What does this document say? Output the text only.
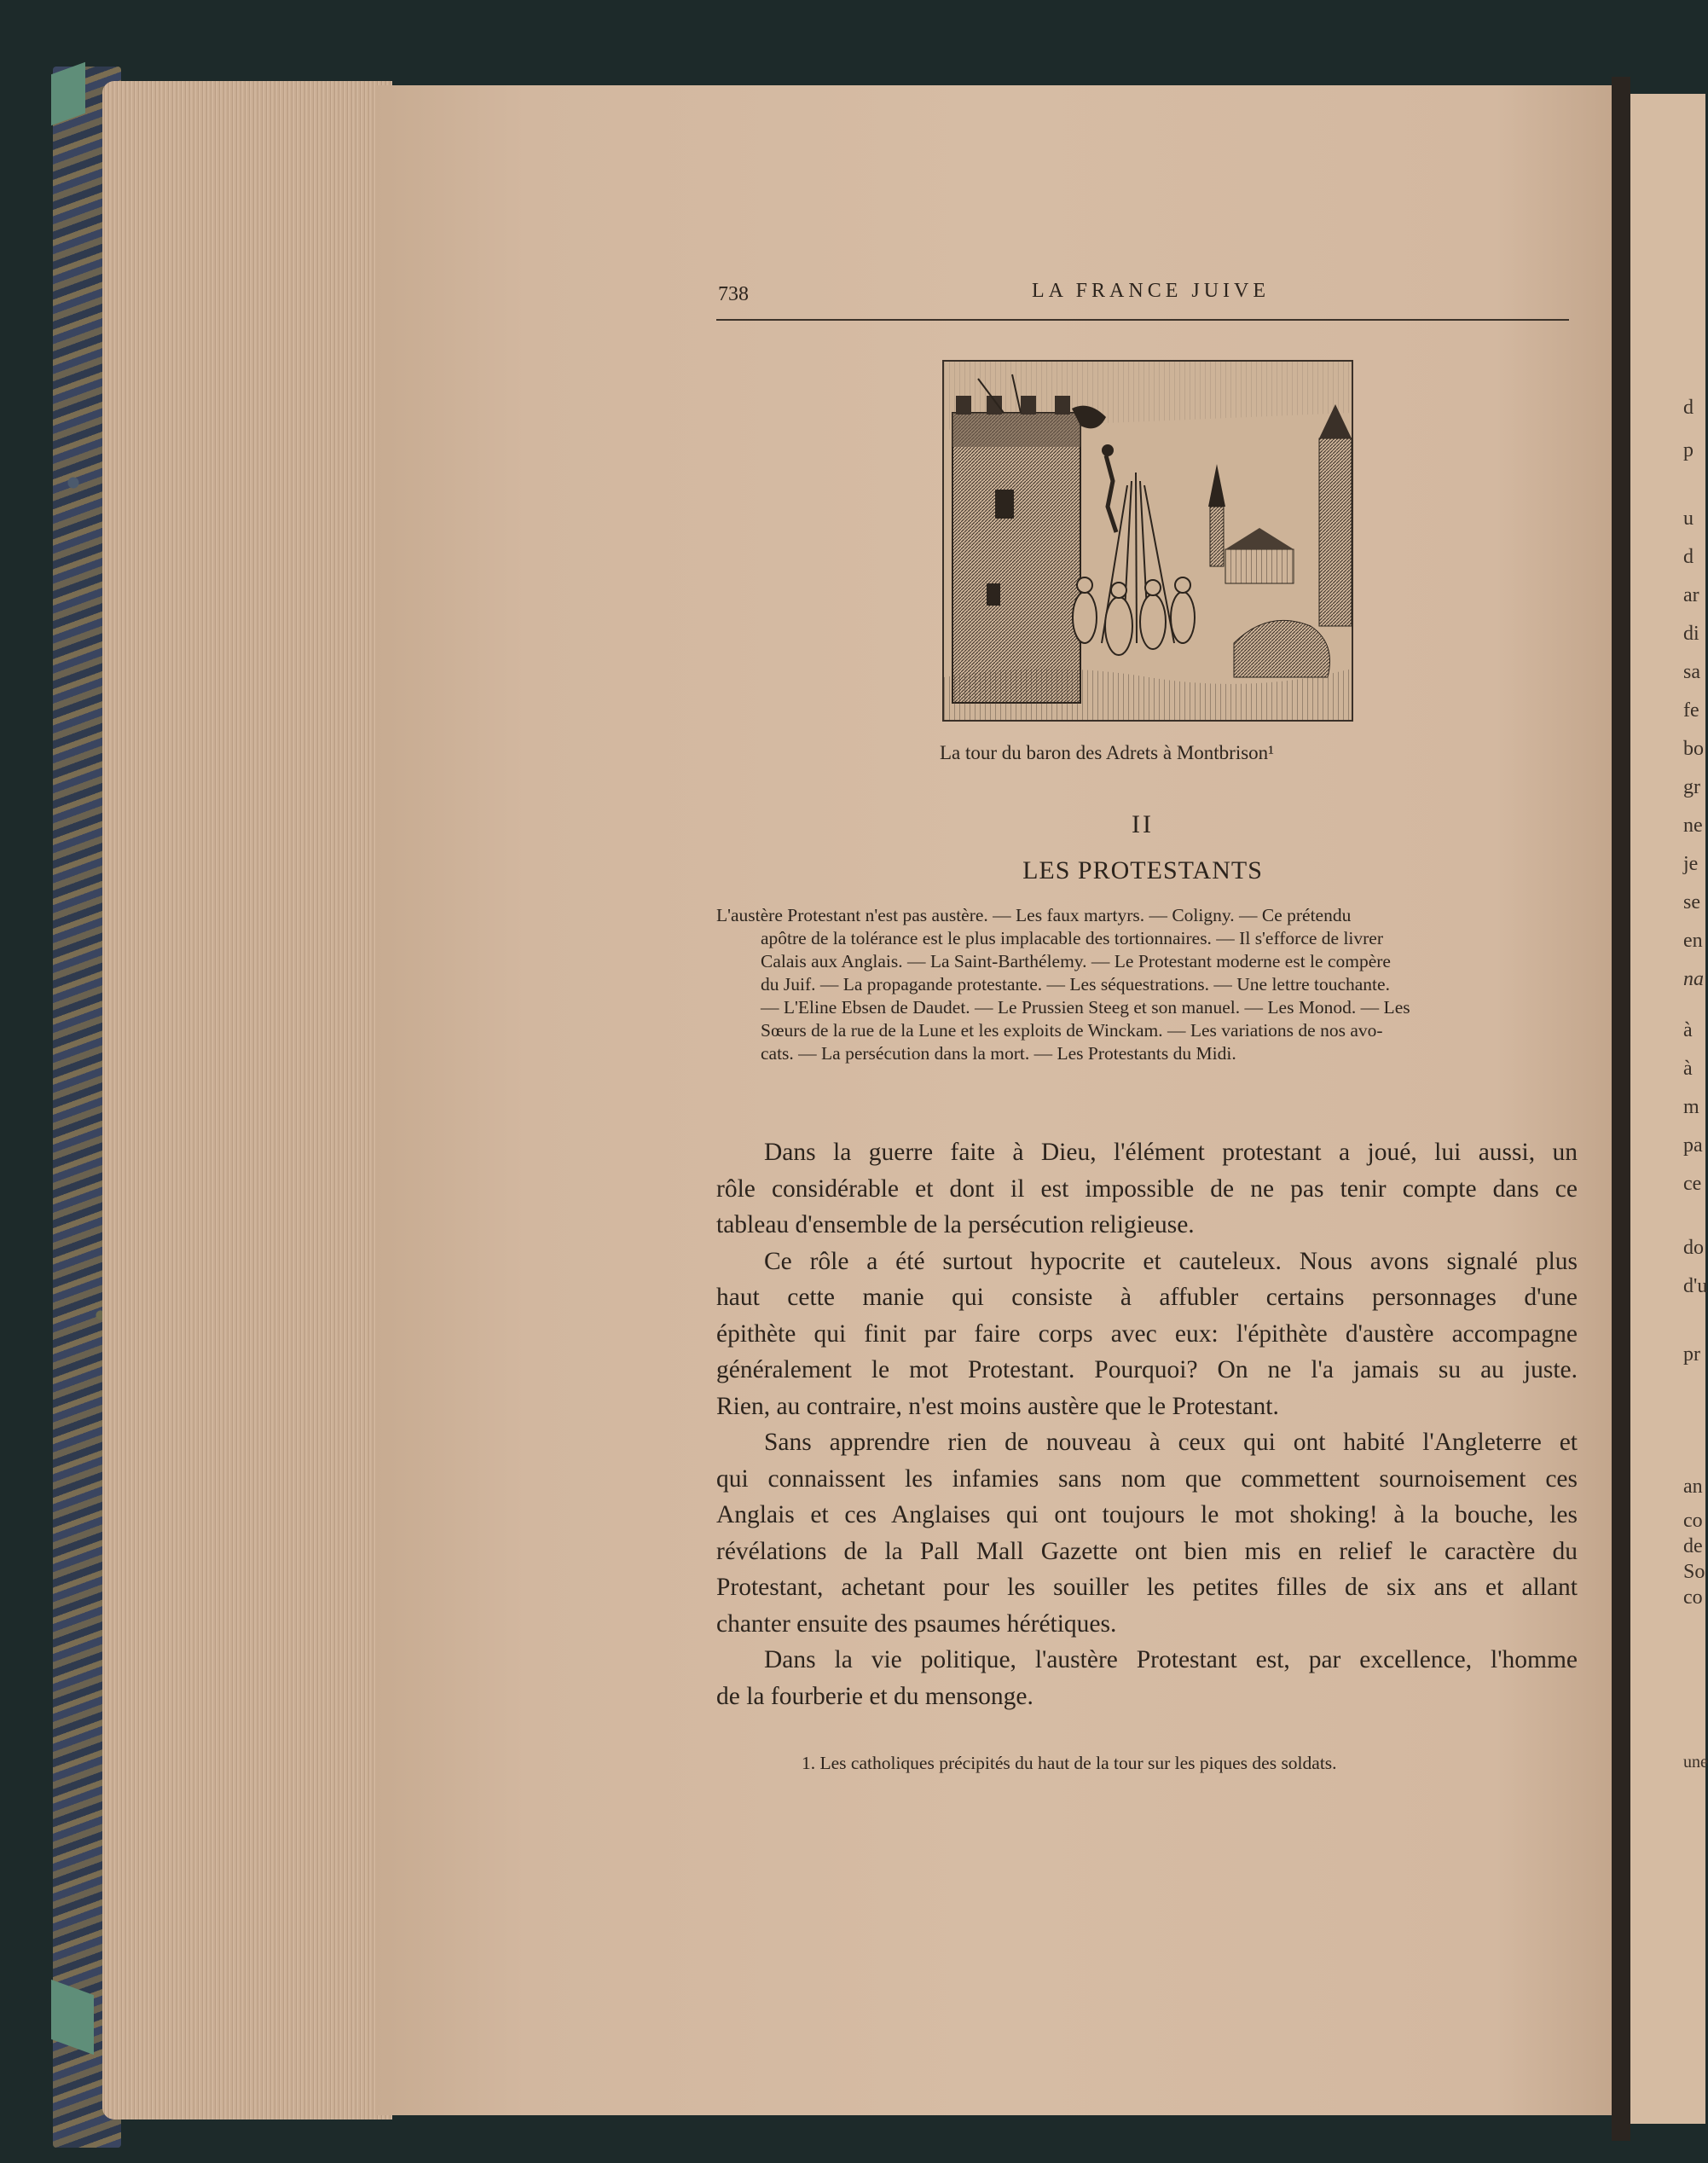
d
p
u
d
ar
di
sa
fe
bo
gr
ne
je
se
en
na
à
à
m
pa
ce
do
d'u
pr
an
co
de
So
co
une
738	LA FRANCE JUIVE
La tour du baron des Adrets à Montbrison¹
II
LES PROTESTANTS
L'austère Protestant n'est pas austère. — Les faux martyrs. — Coligny. — Ce prétendu
apôtre de la tolérance est le plus implacable des tortionnaires. — Il s'efforce de livrer
Calais aux Anglais. — La Saint-Barthélemy. — Le Protestant moderne est le compère
du Juif. — La propagande protestante. — Les séquestrations. — Une lettre touchante.
— L'Eline Ebsen de Daudet. — Le Prussien Steeg et son manuel. — Les Monod. — Les
Sœurs de la rue de la Lune et les exploits de Winckam. — Les variations de nos avo-
cats. — La persécution dans la mort. — Les Protestants du Midi.
Dans la guerre faite à Dieu, l'élément protestant a joué, lui aussi, un
rôle considérable et dont il est impossible de ne pas tenir compte dans ce
tableau d'ensemble de la persécution religieuse.
Ce rôle a été surtout hypocrite et cauteleux. Nous avons signalé plus
haut cette manie qui consiste à affubler certains personnages d'une
épithète qui finit par faire corps avec eux: l'épithète d'austère accompagne
généralement le mot Protestant. Pourquoi? On ne l'a jamais su au juste.
Rien, au contraire, n'est moins austère que le Protestant.
Sans apprendre rien de nouveau à ceux qui ont habité l'Angleterre et
qui connaissent les infamies sans nom que commettent sournoisement ces
Anglais et ces Anglaises qui ont toujours le mot shoking! à la bouche, les
révélations de la Pall Mall Gazette ont bien mis en relief le caractère du
Protestant, achetant pour les souiller les petites filles de six ans et allant
chanter ensuite des psaumes hérétiques.
Dans la vie politique, l'austère Protestant est, par excellence, l'homme
de la fourberie et du mensonge.
1. Les catholiques précipités du haut de la tour sur les piques des soldats.
